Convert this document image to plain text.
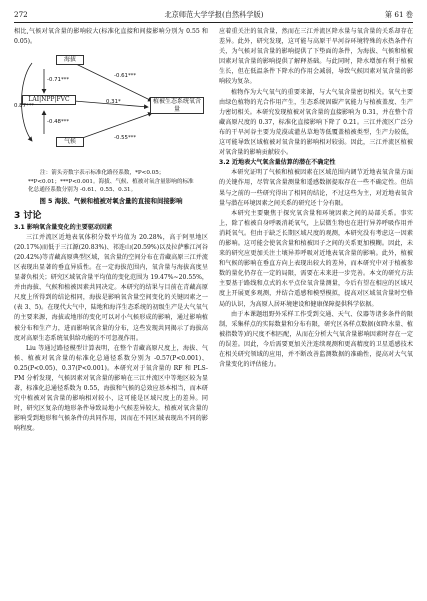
272	北京师范大学学报(自然科学版)	第 61 卷

相比,气候对氧含量的影响较大(标准化直接和间接影响分别为 0.55 和 0.05)。

海拔
LAI|NPP|FVC
气候
植被生态系统氧含量
-0.61***
0.31*
-0.55***
-0.71***
-0.48***
0.87***

注：箭头旁数字表示标准化路径系数，*P<0.05；**P<0.01；***P<0.001。海拔、气候、植被对氧含量影响的标准化总通径系数分别为 -0.61、0.55、0.31。

图 5 海拔、气候和植被对氧含量的直接和间接影响
3 讨论

3.1 影响氧含量变化的主要驱动因素

三江并流区近地表氧体积分数平均值为 20.28%，高于阿里地区(20.17%)而低于三江源(20.83%)、祁连山(20.59%)以及拉萨雅江河谷(20.42%)等青藏高原典型区域，氧含量的空间分布在青藏高原三江并流区表现出显著的垂直异质性。在一定海拔范围内，氧含量与海拔高度呈显著负相关；研究区域氧含量平均值的变化范围为 19.47%~20.55%，并由海拔、气候和植被因素共同决定。本研究的结果与目前在青藏高原尺度上所得到的结论相同，海拔是影响氧含量空间变化的关键因素之一(表 3、5)。在现代大气中，陆地和海洋生态系统的初级生产是大气氧气的主要来源，海拔或地形的变化可以对小气候形成的影响，通过影响植被分布和生产力，进而影响氧含量的分布，这些发现共同揭示了海拔高度对高原生态系统氧供给功能的不可忽视作用。

Liu 等通过路径模型计算表明，在整个青藏高原尺度上，海拔、气候、植被对氧含量的标准化总通径系数分别为 -0.57(P<0.001)、0.25(P<0.05)、0.37(P<0.001)。本研究对于氧含量的 RF 和 PLS-PM 分析发现，气候因素对氧含量的影响在三江并流区中等地区较为显著，标准化总通径系数为 0.55，海拔和气候的总效应基本相当，而本研究中植被对氧含量的影响相对较小，这可能是区域尺度上的差异。同时，研究区复杂的地形条件导致局地小气候差异较大，植被对氧含量的影响受到地形和气候条件的共同作用，因而在不同区域表现出不同的影响程度。

应着重关注的氧含量，然而在三江并流区降水量与氧含量的关系却存在差异。此外，研究发现，这可能与高原干旱河谷环境特殊的水热条件有关，为气候对氧含量的影响提供了下垫面的条件，为海拔、气候和植被因素对氧含量的影响提供了解释基础。与此同时，降水增加有利于植被生长，但在低温条件下降水的作用会减弱，导致气候因素对氧含量的影响较为复杂。

植物作为大气氧气的重要来源，与大气氧含量密切相关。氧气主要由绿色植物的光合作用产生，生态系统固碳产氧能力与植被盖度、生产力密切相关。本研究发现植被对氧含量的直接影响为 0.31，并在整个青藏高原尺度的 0.37，标准化直接影响下降了 0.21。三江并流区广泛分布的干旱河谷主要为荒漠或灌丛草地等低覆盖植被类型，生产力较低，这可能导致区域植被对氧含量的影响相对较弱。因此，三江并流区植被对氧含量的影响贡献较小。

3.2 近地表大气氧含量估算的潜在不确定性

本研究证明了气候和植被因素在区域范围内调节近地表氧含量方面的关键作用，尽管氧含量测量和遥感数据提取存在一些不确定性。但结果与之前的一些研究得出了相同的结论，不过这些为主，对近地表氧含量与潜在环境因素之间关系的研究还十分有限。

本研究主要聚焦于探究氧含量和环境因素之间的局部关系。事实上，除了植被自身呼吸消耗氧气，上层微生物也在进行异养呼吸作用并消耗氧气。但由于缺乏长期区域尺度的观测，本研究没有考虑这一因素的影响。这可能会使氧含量和植被因子之间的关系更加模糊。因此，未来的研究应更加关注土壤异养呼吸对近地表氧含量的影响。此外，植被和气候的影响在垂直方向上表现出较大的差异，而本研究中对于植被参数的量化仍存在一定的局限，需要在未来进一步完善。本文的研究方法主要基于路线和点式的水平点位氧含量测量，今后有望在相应的区域尺度上开展更多观测，并结合遥感和模型模拟，提高对区域氧含量时空格局的认识，为高原人居环境建设和健康保障提供科学依据。

由于本课题组野外采样工作受到交通、天气、仪器等诸多条件的限制，采集样点的实际数量和分布有限，研究区各样点数据(如降水量、植被指数等)的尺度不相匹配，从而在分析大气氧含量影响因素时存在一定的误差。因此，今后需要更加关注连续观测和更高精度的卫星遥感技术在相关研究领域的应用，并不断改善监测数据的准确性，提高对大气氧含量变化的评估能力。
